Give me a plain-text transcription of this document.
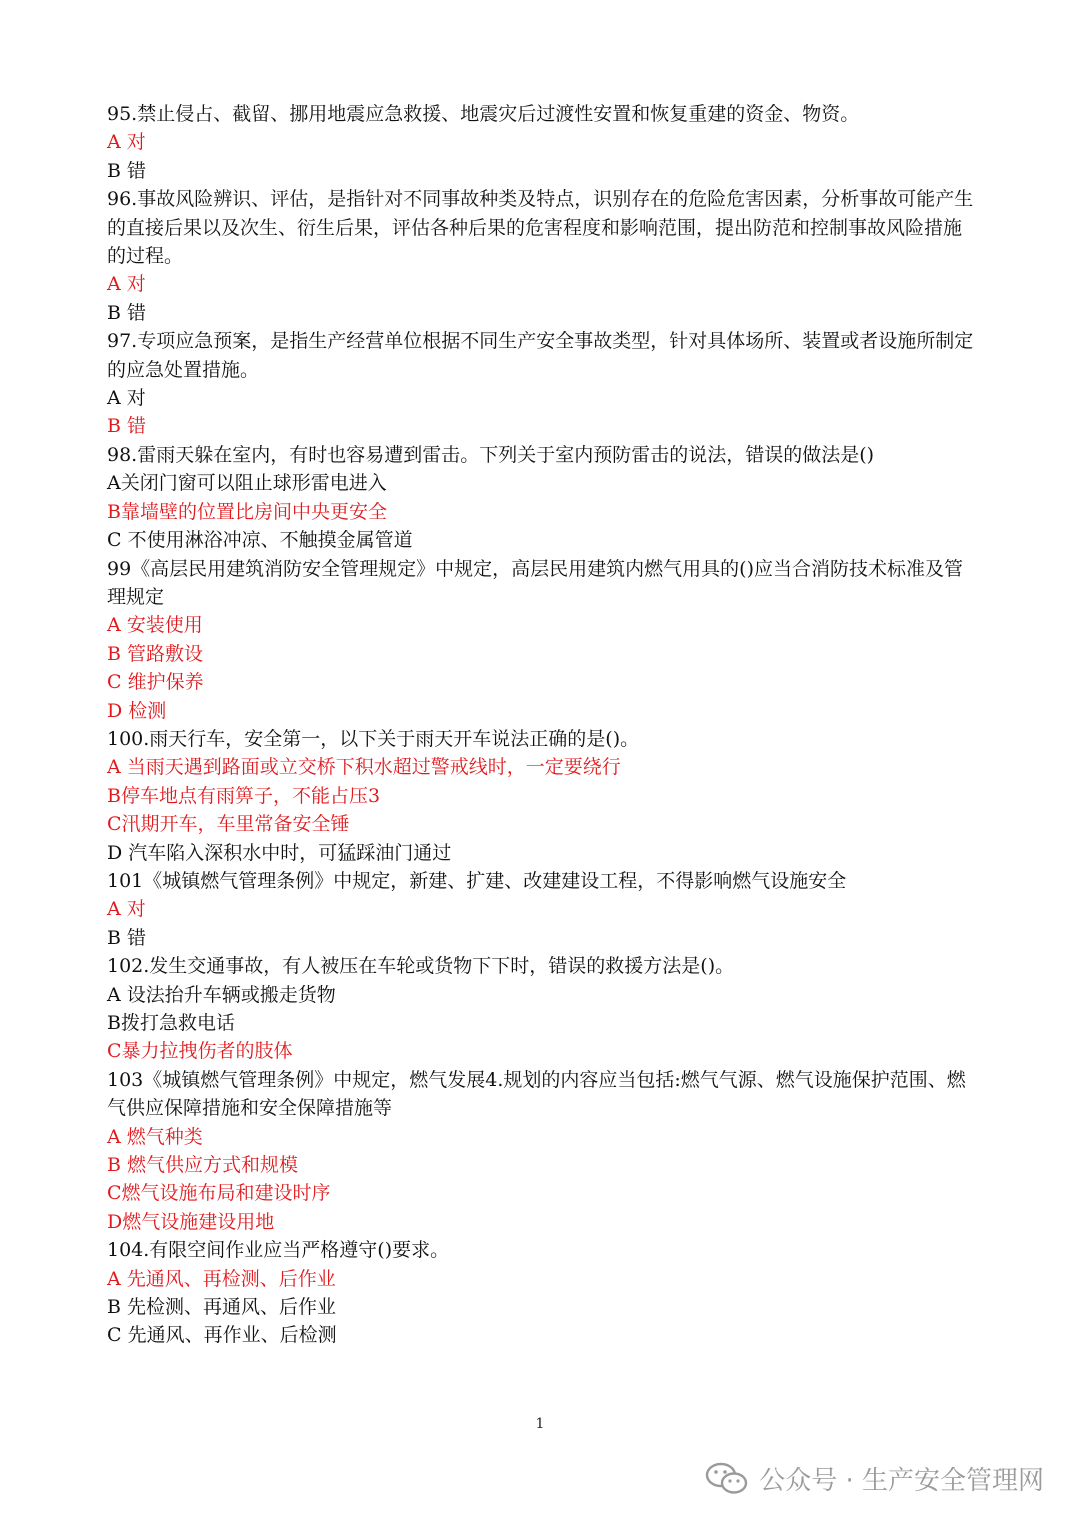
95.禁止侵占、截留、挪用地震应急救援、地震灾后过渡性安置和恢复重建的资金、物资。
A 对
B 错
96.事故风险辨识、评估，是指针对不同事故种类及特点，识别存在的危险危害因素，分析事故可能产生的直接后果以及次生、衍生后果，评估各种后果的危害程度和影响范围，提出防范和控制事故风险措施的过程。
A 对
B 错
97.专项应急预案，是指生产经营单位根据不同生产安全事故类型，针对具体场所、装置或者设施所制定的应急处置措施。
A 对
B 错
98.雷雨天躲在室内，有时也容易遭到雷击。下列关于室内预防雷击的说法，错误的做法是()
A关闭门窗可以阻止球形雷电进入
B靠墙壁的位置比房间中央更安全
C 不使用淋浴冲凉、不触摸金属管道
99《高层民用建筑消防安全管理规定》中规定，高层民用建筑内燃气用具的()应当合消防技术标准及管理规定
A 安装使用
B 管路敷设
C 维护保养
D 检测
100.雨天行车，安全第一，以下关于雨天开车说法正确的是()。
A 当雨天遇到路面或立交桥下积水超过警戒线时，一定要绕行
B停车地点有雨箅子，不能占压3
C汛期开车，车里常备安全锤
D 汽车陷入深积水中时，可猛踩油门通过
101《城镇燃气管理条例》中规定，新建、扩建、改建建设工程，不得影响燃气设施安全
A 对
B 错
102.发生交通事故，有人被压在车轮或货物下下时，错误的救援方法是()。
A 设法抬升车辆或搬走货物
B拨打急救电话
C暴力拉拽伤者的肢体
103《城镇燃气管理条例》中规定，燃气发展4.规划的内容应当包括:燃气气源、燃气设施保护范围、燃气供应保障措施和安全保障措施等
A 燃气种类
B 燃气供应方式和规模
C燃气设施布局和建设时序
D燃气设施建设用地
104.有限空间作业应当严格遵守()要求。
A 先通风、再检测、后作业
B 先检测、再通风、后作业
C 先通风、再作业、后检测
1
公众号 · 生产安全管理网
